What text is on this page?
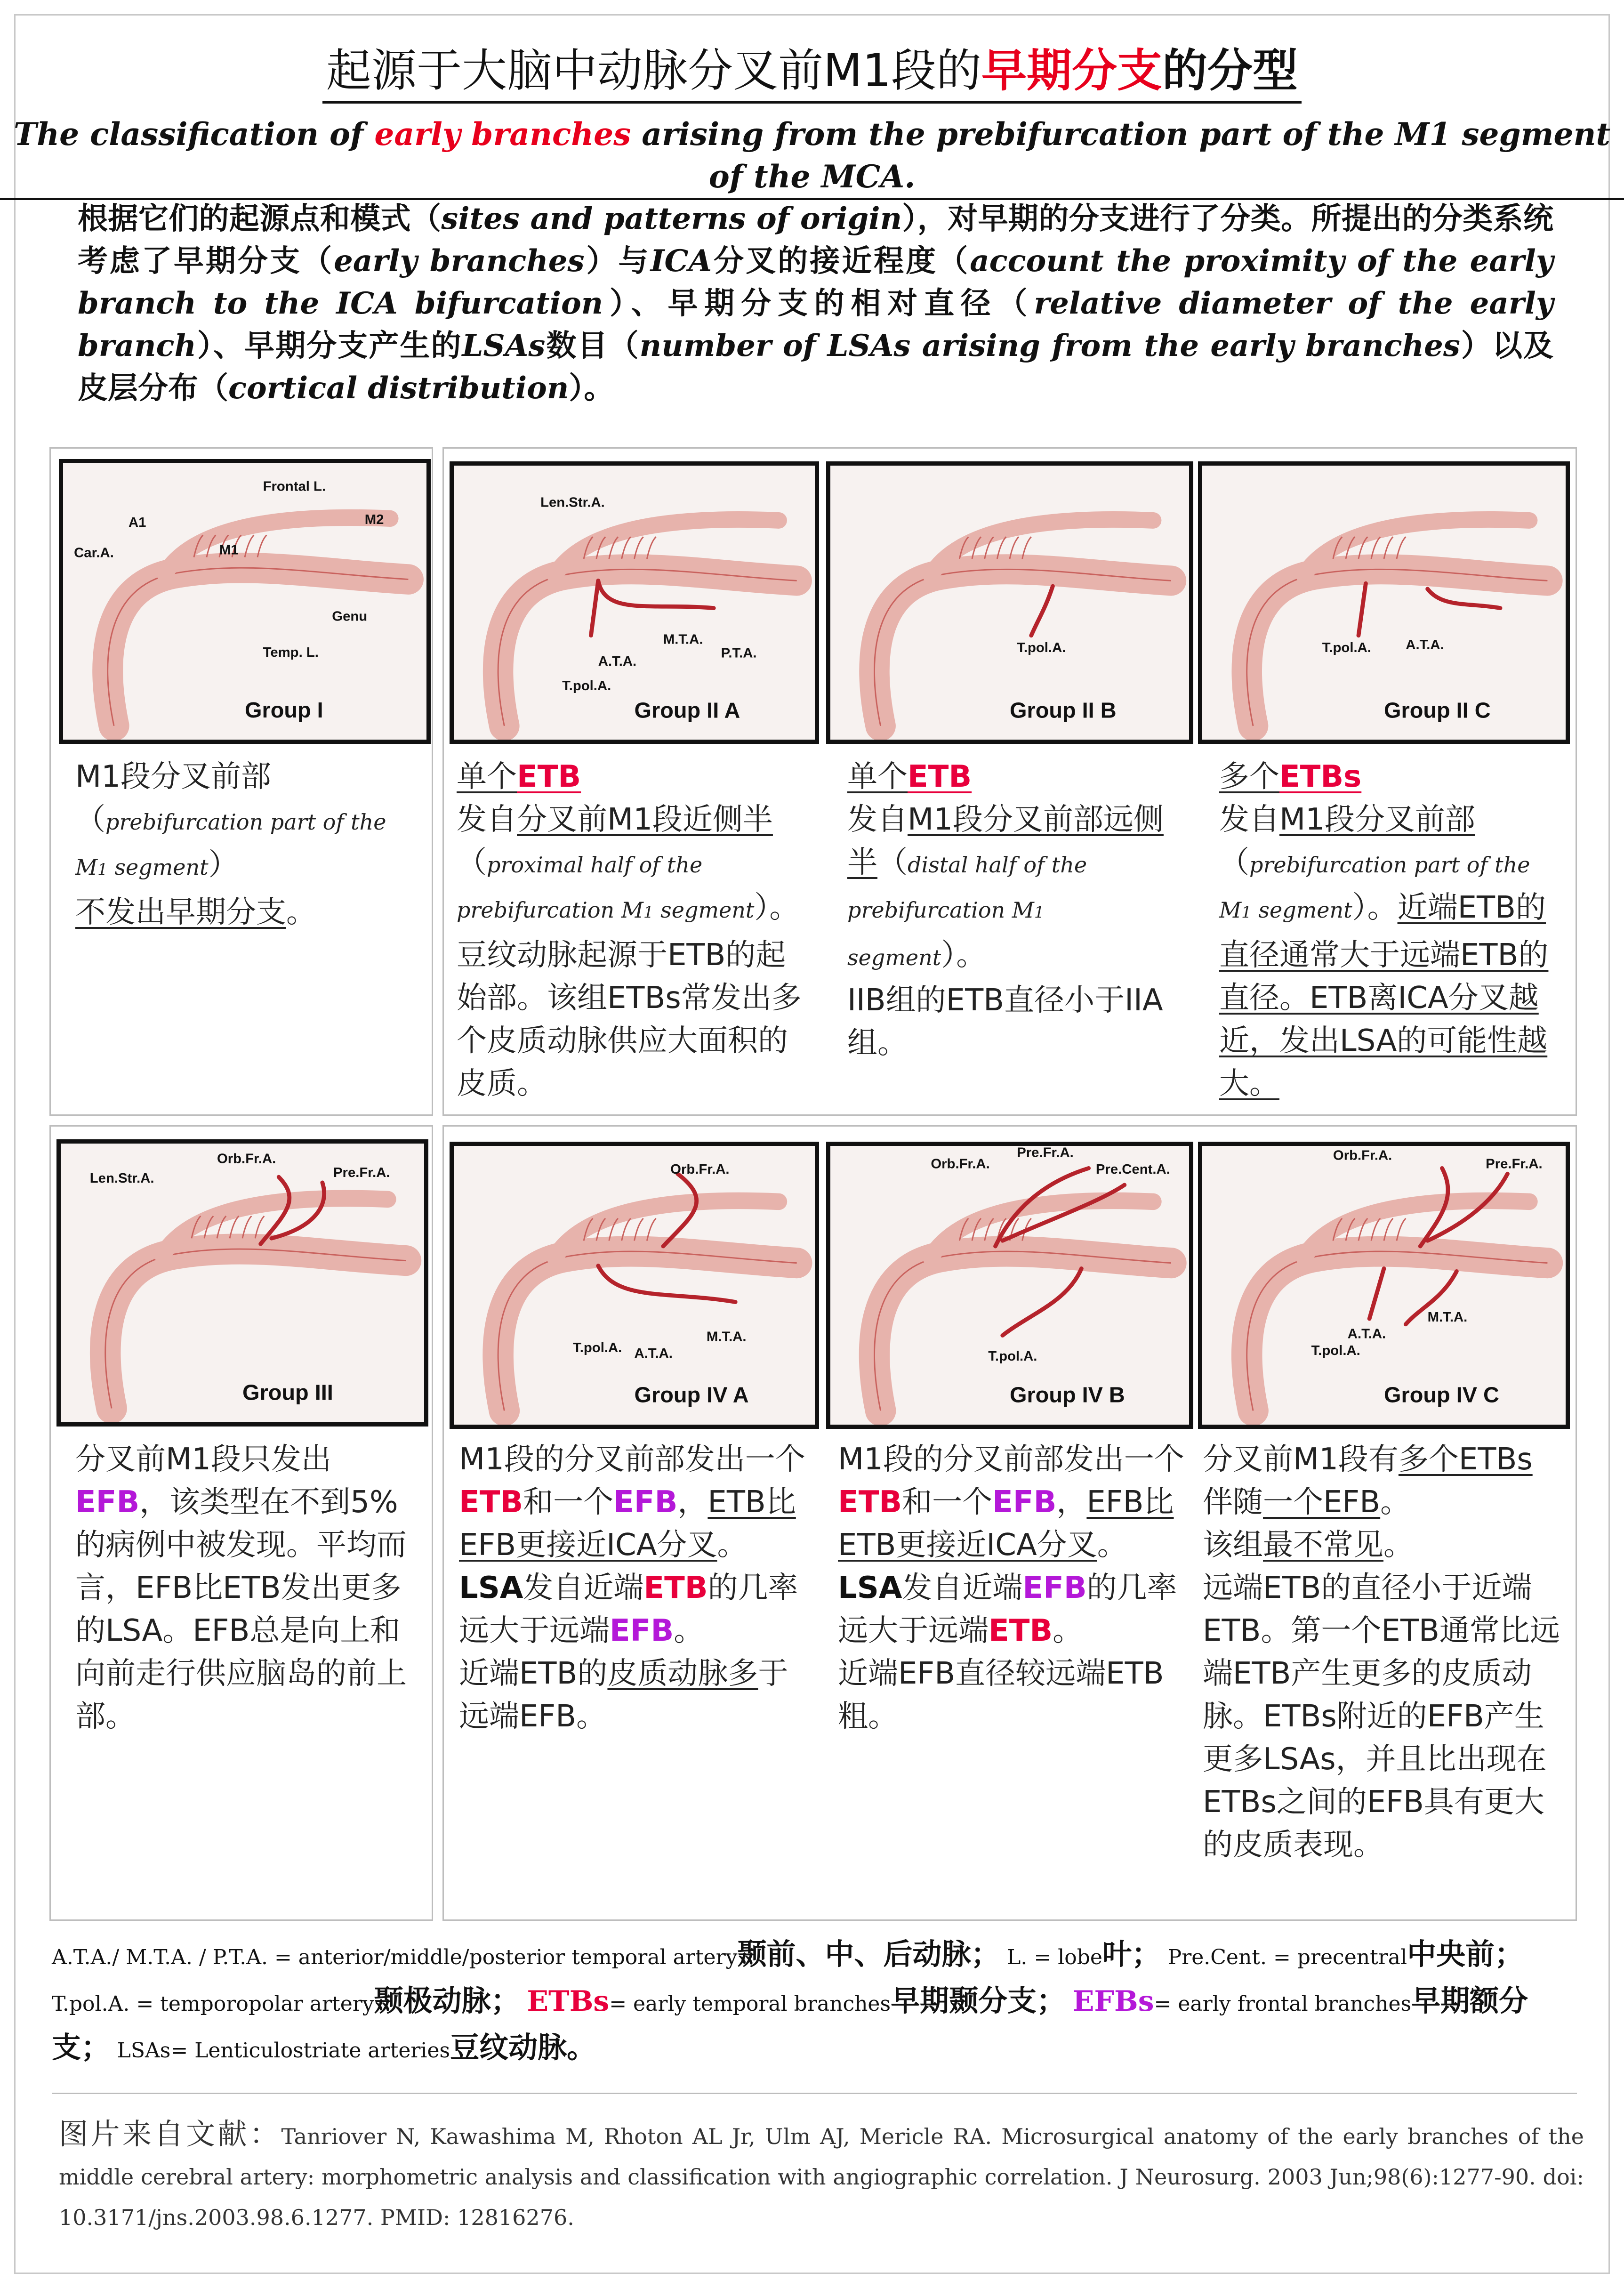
起源于大脑中动脉分叉前M1段的早期分支的分型
The classification of early branches arising from the prebifurcation part of the M1 segment of the MCA.
根据它们的起源点和模式（sites and patterns of origin），对早期的分支进行了分类。所提出的分类系统考虑了早期分支（early branches）与ICA分叉的接近程度（account the proximity of the early branch to the ICA bifurcation）、早期分支的相对直径（relative diameter of the early branch）、早期分支产生的LSAs数目（number of LSAs arising from the early branches）以及皮层分布（cortical distribution）。
Frontal L.
A1	M2
Car.A.	M1
Genu
Temp. L.
Group I
Len.Str.A.
M.T.A.
P.T.A.
A.T.A.
T.pol.A.
Group II A
T.pol.A.
Group II B
T.pol.A. A.T.A.
Group II C
Orb.Fr.A.
Len.Str.A.	Pre.Fr.A.
Group III
Orb.Fr.A.
T.pol.A.
M.T.A.
A.T.A.
Group IV A
Pre.Fr.A.
Orb.Fr.A.	Pre.Cent.A.
T.pol.A.
Group IV B
Orb.Fr.A.
Pre.Fr.A.
M.T.A.
A.T.A.
T.pol.A.
Group IV C
M1段分叉前部（prebifurcation part of the M1 segment）
不发出早期分支。
单个ETB
发自分叉前M1段近侧半（proximal half of the prebifurcation M1 segment）。
豆纹动脉起源于ETB的起始部。该组ETBs常发出多个皮质动脉供应大面积的皮质。
单个ETB
发自M1段分叉前部远侧半（distal half of the prebifurcation M1 segment）。
IIB组的ETB直径小于IIA组。
多个ETBs
发自M1段分叉前部（prebifurcation part of the M1 segment）。近端ETB的直径通常大于远端ETB的直径。ETB离ICA分叉越近，发出LSA的可能性越大。
分叉前M1段只发出EFB，该类型在不到5%的病例中被发现。平均而言，EFB比ETB发出更多的LSA。EFB总是向上和向前走行供应脑岛的前上部。
M1段的分叉前部发出一个ETB和一个EFB，ETB比EFB更接近ICA分叉。
LSA发自近端ETB的几率远大于远端EFB。
近端ETB的皮质动脉多于远端EFB。
M1段的分叉前部发出一个ETB和一个EFB，EFB比ETB更接近ICA分叉。
LSA发自近端EFB的几率远大于远端ETB。
近端EFB直径较远端ETB粗。
分叉前M1段有多个ETBs伴随一个EFB。
该组最不常见。
远端ETB的直径小于近端ETB。第一个ETB通常比远端ETB产生更多的皮质动脉。ETBs附近的EFB产生更多LSAs，并且比出现在ETBs之间的EFB具有更大的皮质表现。
A.T.A./ M.T.A. / P.T.A. = anterior/middle/posterior temporal artery颞前、中、后动脉； L. = lobe叶； Pre.Cent. = precentral中央前； T.pol.A. = temporopolar artery颞极动脉； ETBs= early temporal branches早期颞分支； EFBs= early frontal branches早期额分支； LSAs= Lenticulostriate arteries豆纹动脉。
图片来自文献：Tanriover N, Kawashima M, Rhoton AL Jr, Ulm AJ, Mericle RA. Microsurgical anatomy of the early branches of the middle cerebral artery: morphometric analysis and classification with angiographic correlation. J Neurosurg. 2003 Jun;98(6):1277-90. doi: 10.3171/jns.2003.98.6.1277. PMID: 12816276.
